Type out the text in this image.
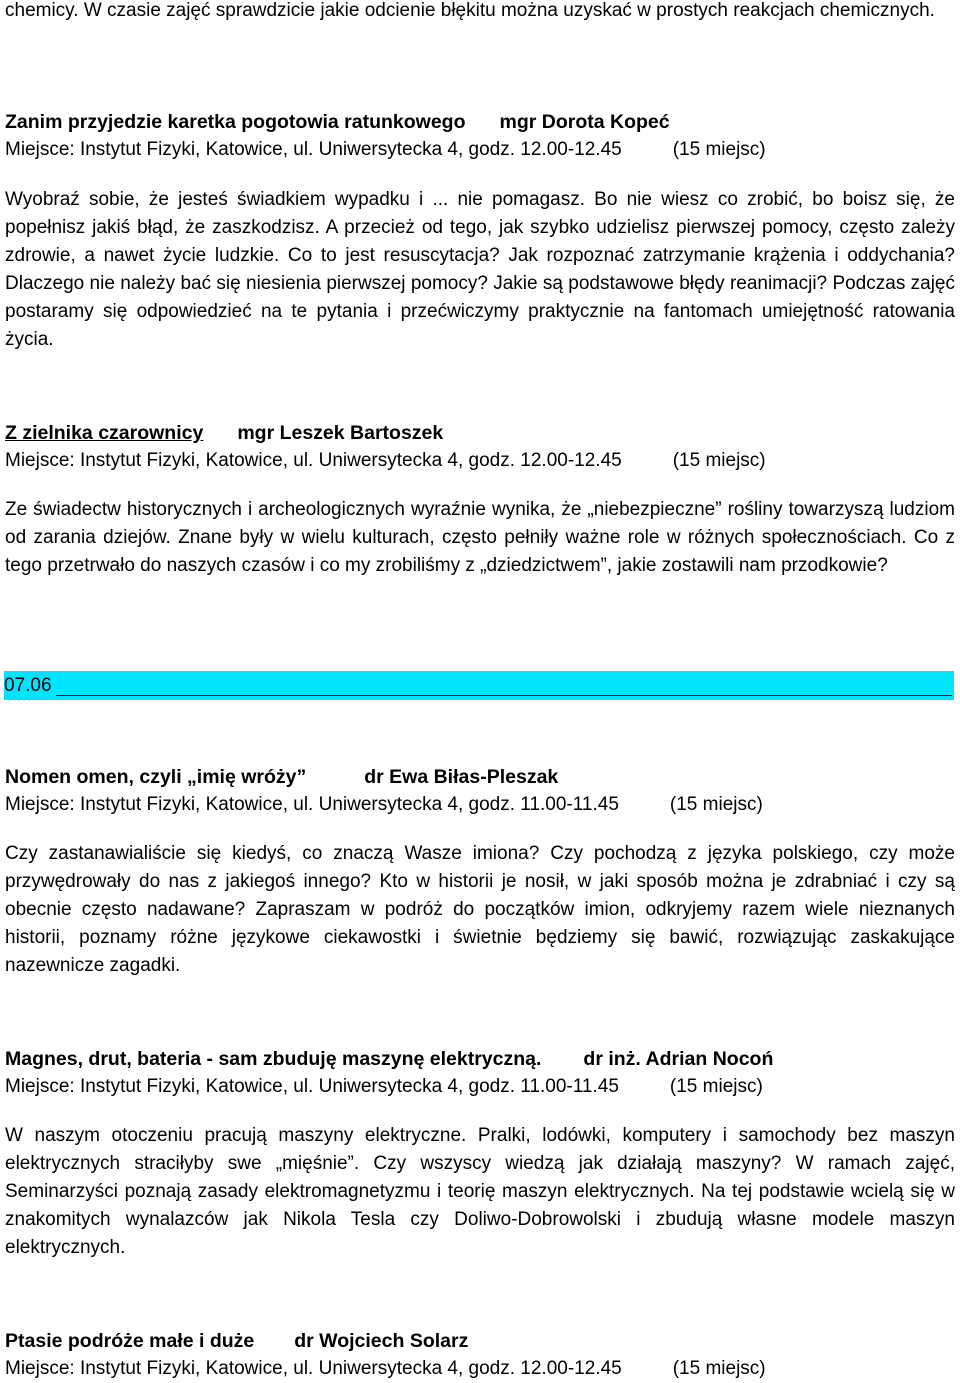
chemicy. W czasie zajęć sprawdzicie jakie odcienie błękitu można uzyskać w prostych reakcjach chemicznych.

Zanim przyjedzie karetka pogotowia ratunkowego mgr Dorota Kopeć

Miejsce: Instytut Fizyki, Katowice, ul. Uniwersytecka 4, godz. 12.00-12.45	(15 miejsc)

Wyobraź sobie, że jesteś świadkiem wypadku i ... nie pomagasz. Bo nie wiesz co zrobić, bo boisz się, że popełnisz jakiś błąd, że zaszkodzisz. A przecież od tego, jak szybko udzielisz pierwszej pomocy, często zależy zdrowie, a nawet życie ludzkie. Co to jest resuscytacja? Jak rozpoznać zatrzymanie krążenia i oddychania? Dlaczego nie należy bać się niesienia pierwszej pomocy? Jakie są podstawowe błędy reanimacji? Podczas zajęć postaramy się odpowiedzieć na te pytania i przećwiczymy praktycznie na fantomach umiejętność ratowania życia.

Z zielnika czarownicy mgr Leszek Bartoszek

Miejsce: Instytut Fizyki, Katowice, ul. Uniwersytecka 4, godz. 12.00-12.45	(15 miejsc)

Ze świadectw historycznych i archeologicznych wyraźnie wynika, że „niebezpieczne” rośliny towarzyszą ludziom od zarania dziejów. Znane były w wielu kulturach, często pełniły ważne role w różnych społecznościach. Co z tego przetrwało do naszych czasów i co my zrobiliśmy z „dziedzictwem”, jakie zostawili nam przodkowie?

07.06

Nomen omen, czyli „imię wróży”	dr Ewa Biłas-Pleszak

Miejsce: Instytut Fizyki, Katowice, ul. Uniwersytecka 4, godz. 11.00-11.45	(15 miejsc)

Czy zastanawialiście się kiedyś, co znaczą Wasze imiona? Czy pochodzą z języka polskiego, czy może przywędrowały do nas z jakiegoś innego? Kto w historii je nosił, w jaki sposób można je zdrabniać i czy są obecnie często nadawane? Zapraszam w podróż do początków imion, odkryjemy razem wiele nieznanych historii, poznamy różne językowe ciekawostki i świetnie będziemy się bawić, rozwiązując zaskakujące nazewnicze zagadki.

Magnes, drut, bateria - sam zbuduję maszynę elektryczną. dr inż. Adrian Nocoń

Miejsce: Instytut Fizyki, Katowice, ul. Uniwersytecka 4, godz. 11.00-11.45	(15 miejsc)

W naszym otoczeniu pracują maszyny elektryczne. Pralki, lodówki, komputery i samochody bez maszyn elektrycznych straciłyby swe „mięśnie”. Czy wszyscy wiedzą jak działają maszyny? W ramach zajęć, Seminarzyści poznają zasady elektromagnetyzmu i teorię maszyn elektrycznych. Na tej podstawie wcielą się w znakomitych wynalazców jak Nikola Tesla czy Doliwo-Dobrowolski i zbudują własne modele maszyn elektrycznych.

Ptasie podróże małe i duże dr Wojciech Solarz

Miejsce: Instytut Fizyki, Katowice, ul. Uniwersytecka 4, godz. 12.00-12.45	(15 miejsc)
